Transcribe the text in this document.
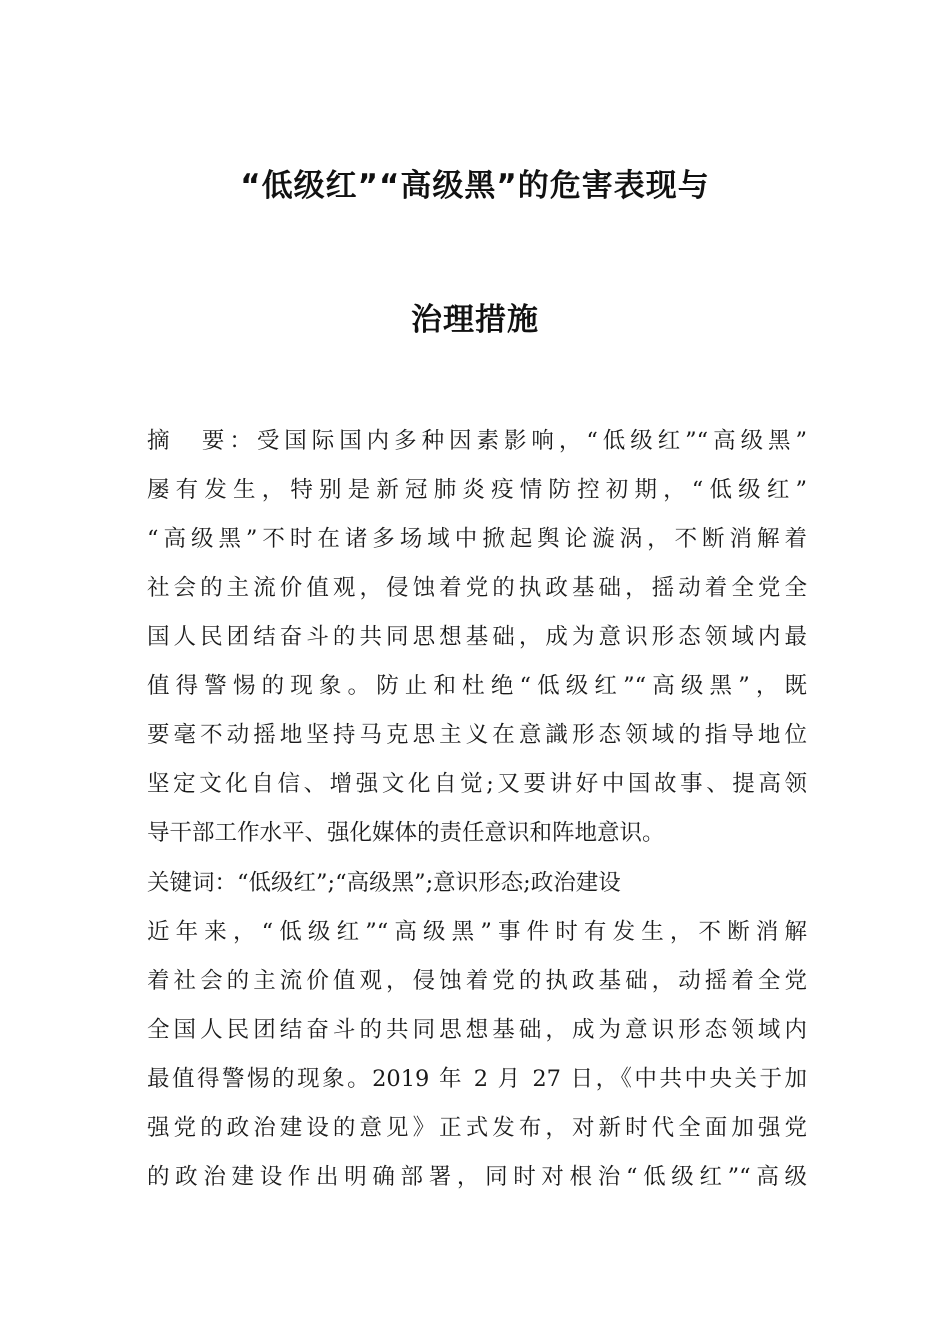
“低级红”“高级黑”的危害表现与
治理措施
摘　要：受国际国内多种因素影响，“低级红”“高级黑”
屡有发生，特别是新冠肺炎疫情防控初期，“低级红”
“高级黑”不时在诸多场域中掀起舆论漩涡，不断消解着
社会的主流价值观，侵蚀着党的执政基础，摇动着全党全
国人民团结奋斗的共同思想基础，成为意识形态领域内最
值得警惕的现象。防止和杜绝“低级红”“高级黑”，既
要毫不动摇地坚持马克思主义在意識形态领域的指导地位
坚定文化自信、增强文化自觉;又要讲好中国故事、提高领
导干部工作水平、强化媒体的责任意识和阵地意识。
关键词：“低级红”;“高级黑”;意识形态;政治建设
近年来，“低级红”“高级黑”事件时有发生，不断消解
着社会的主流价值观，侵蚀着党的执政基础，动摇着全党
全国人民团结奋斗的共同思想基础，成为意识形态领域内
最值得警惕的现象。2019 年 2 月 27 日，《中共中央关于加
强党的政治建设的意见》正式发布，对新时代全面加强党
的政治建设作出明确部署，同时对根治“低级红”“高级
